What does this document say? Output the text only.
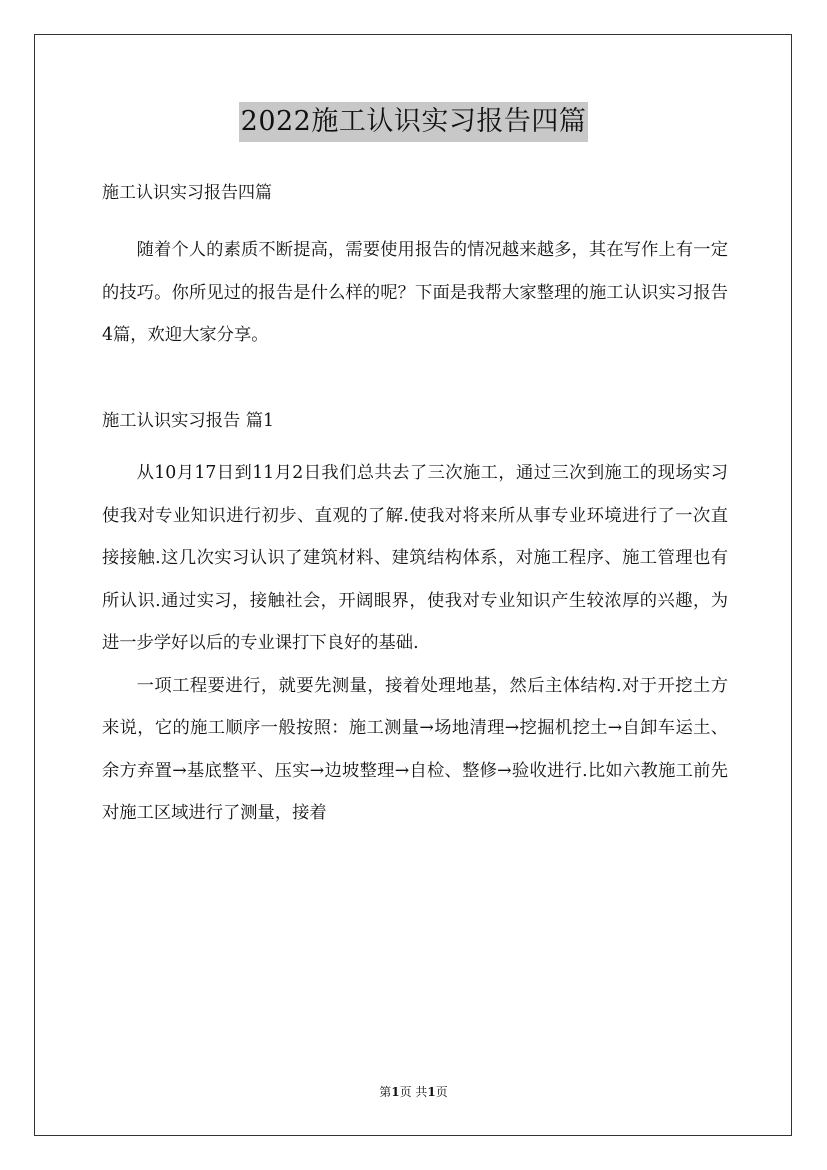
2022施工认识实习报告四篇
施工认识实习报告四篇

随着个人的素质不断提高，需要使用报告的情况越来越多，其在写作上有一定的技巧。你所见过的报告是什么样的呢？下面是我帮大家整理的施工认识实习报告4篇，欢迎大家分享。

施工认识实习报告 篇1

从10月17日到11月2日我们总共去了三次施工，通过三次到施工的现场实习使我对专业知识进行初步、直观的了解.使我对将来所从事专业环境进行了一次直接接触.这几次实习认识了建筑材料、建筑结构体系，对施工程序、施工管理也有所认识.通过实习，接触社会，开阔眼界，使我对专业知识产生较浓厚的兴趣，为进一步学好以后的专业课打下良好的基础.

一项工程要进行，就要先测量，接着处理地基，然后主体结构.对于开挖土方来说，它的施工顺序一般按照：施工测量→场地清理→挖掘机挖土→自卸车运土、余方弃置→基底整平、压实→边坡整理→自检、整修→验收进行.比如六教施工前先对施工区域进行了测量，接着

第1页 共1页
